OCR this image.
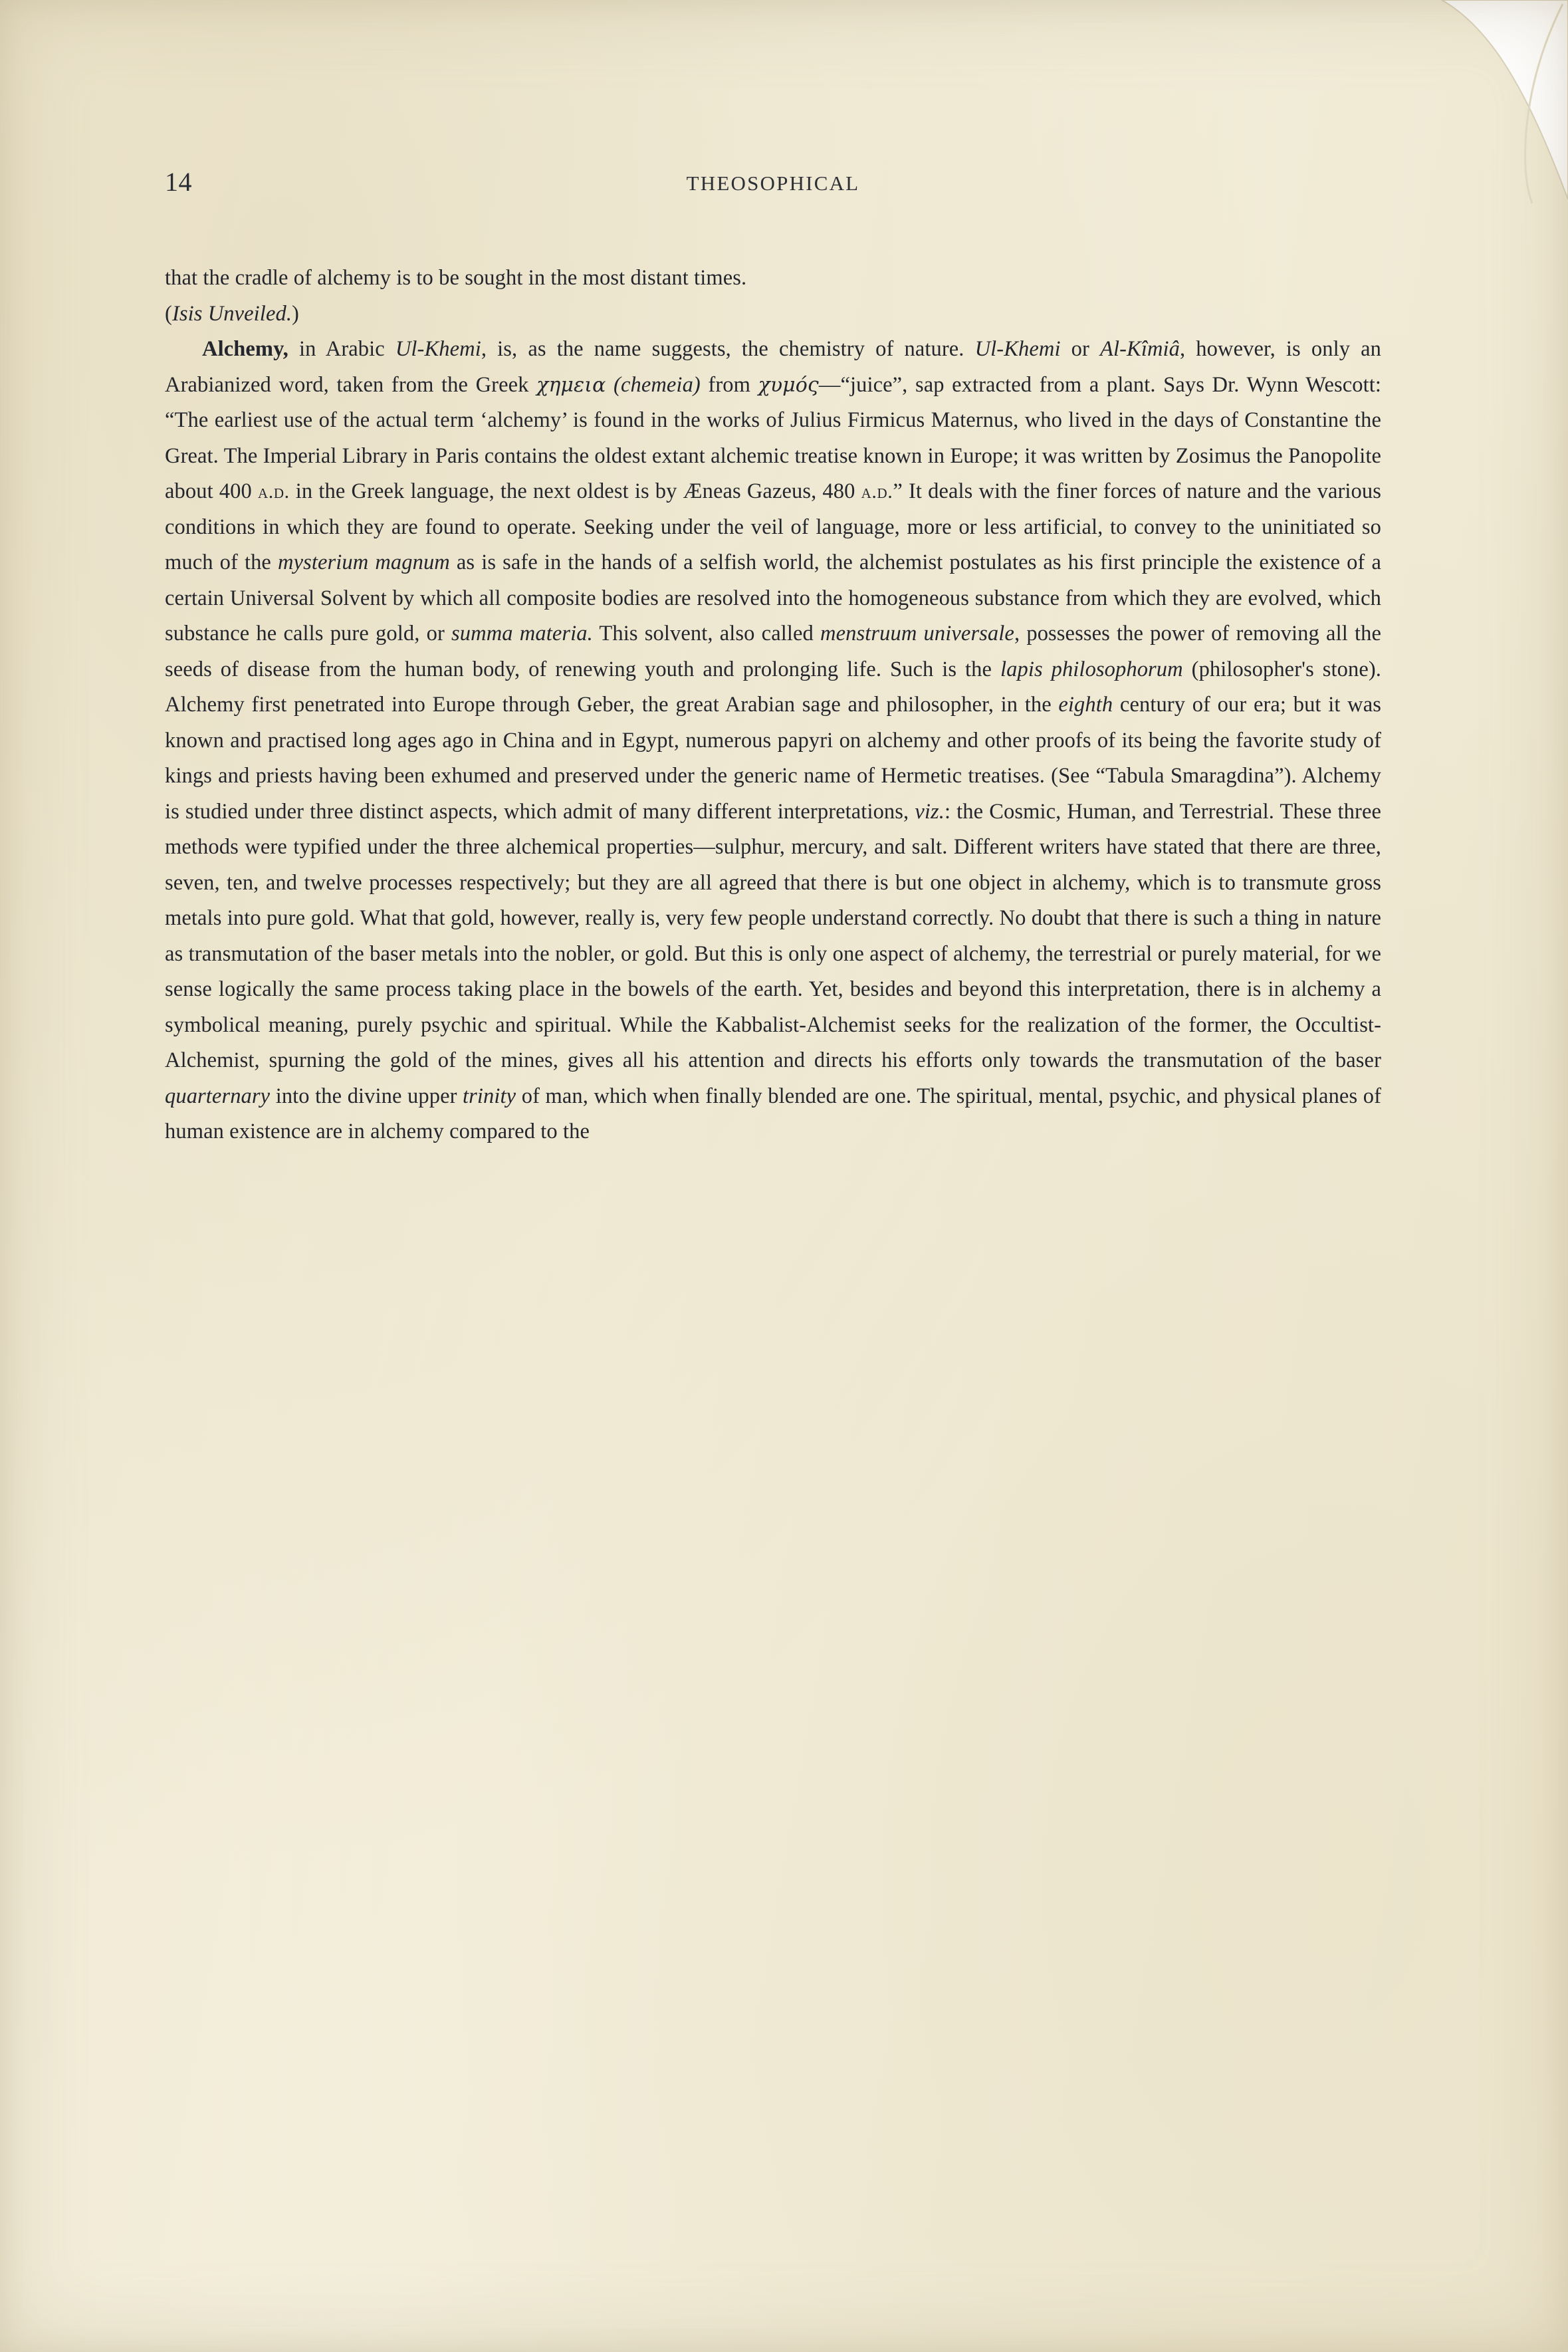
14	THEOSOPHICAL

that the cradle of alchemy is to be sought in the most distant times.

(Isis Unveiled.)

Alchemy, in Arabic Ul-Khemi, is, as the name suggests, the chemistry of nature. Ul-Khemi or Al-Kîmiâ, however, is only an Arabianized word, taken from the Greek χημεια (chemeia) from χυμóς—“juice”, sap extracted from a plant. Says Dr. Wynn Wescott: “The earliest use of the actual term ‘alchemy’ is found in the works of Julius Firmicus Maternus, who lived in the days of Constantine the Great. The Imperial Library in Paris contains the oldest extant alchemic treatise known in Europe; it was written by Zosimus the Panopolite about 400 a.d. in the Greek language, the next oldest is by Æneas Gazeus, 480 a.d.” It deals with the finer forces of nature and the various conditions in which they are found to operate. Seeking under the veil of language, more or less artificial, to convey to the uninitiated so much of the mysterium magnum as is safe in the hands of a selfish world, the alchemist postulates as his first principle the existence of a certain Universal Solvent by which all composite bodies are resolved into the homogeneous substance from which they are evolved, which substance he calls pure gold, or summa materia. This solvent, also called menstruum universale, possesses the power of removing all the seeds of disease from the human body, of renewing youth and prolonging life. Such is the lapis philosophorum (philosopher's stone). Alchemy first penetrated into Europe through Geber, the great Arabian sage and philosopher, in the eighth century of our era; but it was known and practised long ages ago in China and in Egypt, numerous papyri on alchemy and other proofs of its being the favorite study of kings and priests having been exhumed and preserved under the generic name of Hermetic treatises. (See “Tabula Smaragdina”). Alchemy is studied under three distinct aspects, which admit of many different interpretations, viz.: the Cosmic, Human, and Terrestrial. These three methods were typified under the three alchemical properties—sulphur, mercury, and salt. Different writers have stated that there are three, seven, ten, and twelve processes respectively; but they are all agreed that there is but one object in alchemy, which is to transmute gross metals into pure gold. What that gold, however, really is, very few people understand correctly. No doubt that there is such a thing in nature as transmutation of the baser metals into the nobler, or gold. But this is only one aspect of alchemy, the terrestrial or purely material, for we sense logically the same process taking place in the bowels of the earth. Yet, besides and beyond this interpretation, there is in alchemy a symbolical meaning, purely psychic and spiritual. While the Kabbalist-Alchemist seeks for the realization of the former, the Occultist-Alchemist, spurning the gold of the mines, gives all his attention and directs his efforts only towards the transmutation of the baser quarternary into the divine upper trinity of man, which when finally blended are one. The spiritual, mental, psychic, and physical planes of human existence are in alchemy compared to the
